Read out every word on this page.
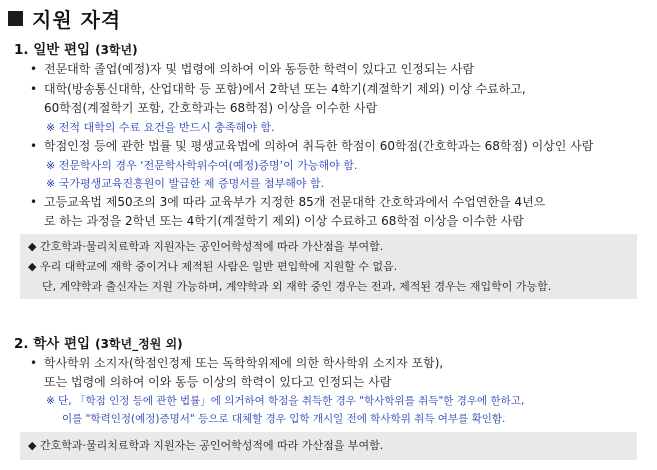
지원 자격
1. 일반 편입 (3학년)
• 전문대학 졸업(예정)자 및 법령에 의하여 이와 동등한 학력이 있다고 인정되는 사람
• 대학(방송통신대학, 산업대학 등 포함)에서 2학년 또는 4학기(계절학기 제외) 이상 수료하고,
60학점(계절학기 포함, 간호학과는 68학점) 이상을 이수한 사람
※ 전적 대학의 수료 요건을 반드시 충족해야 함.
• 학점인정 등에 관한 법률 및 평생교육법에 의하여 취득한 학점이 60학점(간호학과는 68학점) 이상인 사람
※ 전문학사의 경우 ‘전문학사학위수여(예정)증명’이 가능해야 함.
※ 국가평생교육진흥원이 발급한 제 증명서를 첨부해야 함.
• 고등교육법 제50조의 3에 따라 교육부가 지정한 85개 전문대학 간호학과에서 수업연한을 4년으
로 하는 과정을 2학년 또는 4학기(계절학기 제외) 이상 수료하고 68학점 이상을 이수한 사람
◆ 간호학과·물리치료학과 지원자는 공인어학성적에 따라 가산점을 부여함.
◆ 우리 대학교에 재학 중이거나 제적된 사람은 일반 편입학에 지원할 수 없음.
단, 계약학과 출신자는 지원 가능하며, 계약학과 외 재학 중인 경우는 전과, 제적된 경우는 재입학이 가능함.
2. 학사 편입 (3학년_정원 외)
• 학사학위 소지자(학점인정제 또는 독학학위제에 의한 학사학위 소지자 포함),
또는 법령에 의하여 이와 동등 이상의 학력이 있다고 인정되는 사람
※ 단, 「학점 인정 등에 관한 법률」에 의거하여 학점을 취득한 경우 "학사학위를 취득"한 경우에 한하고,
이를 "학력인정(예정)증명서" 등으로 대체할 경우 입학 개시일 전에 학사학위 취득 여부를 확인함.
◆ 간호학과·물리치료학과 지원자는 공인어학성적에 따라 가산점을 부여함.
